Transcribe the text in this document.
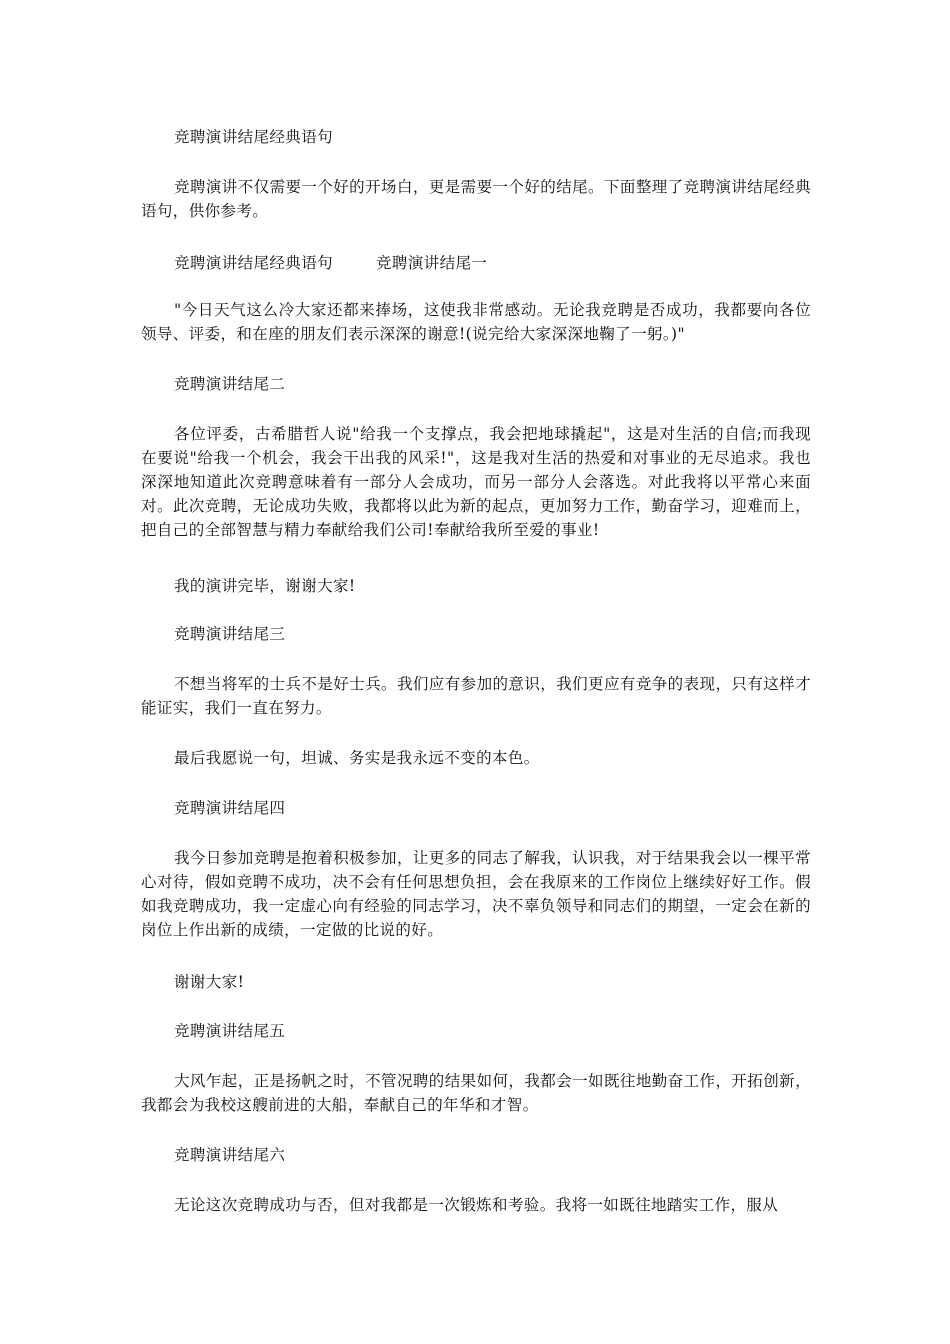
竞聘演讲结尾经典语句
竞聘演讲不仅需要一个好的开场白，更是需要一个好的结尾。下面整理了竞聘演讲结尾经典语句，供你参考。
竞聘演讲结尾经典语句	竞聘演讲结尾一
"今日天气这么冷大家还都来捧场，这使我非常感动。无论我竞聘是否成功，我都要向各位领导、评委，和在座的朋友们表示深深的谢意!(说完给大家深深地鞠了一躬。)"
竞聘演讲结尾二
各位评委，古希腊哲人说"给我一个支撑点，我会把地球撬起"，这是对生活的自信;而我现在要说"给我一个机会，我会干出我的风采!"，这是我对生活的热爱和对事业的无尽追求。我也深深地知道此次竞聘意味着有一部分人会成功，而另一部分人会落选。对此我将以平常心来面对。此次竞聘，无论成功失败，我都将以此为新的起点，更加努力工作，勤奋学习，迎难而上，把自己的全部智慧与精力奉献给我们公司!奉献给我所至爱的事业!
我的演讲完毕，谢谢大家!
竞聘演讲结尾三
不想当将军的士兵不是好士兵。我们应有参加的意识，我们更应有竞争的表现，只有这样才能证实，我们一直在努力。
最后我愿说一句，坦诚、务实是我永远不变的本色。
竞聘演讲结尾四
我今日参加竞聘是抱着积极参加，让更多的同志了解我，认识我，对于结果我会以一棵平常心对待，假如竞聘不成功，决不会有任何思想负担，会在我原来的工作岗位上继续好好工作。假如我竞聘成功，我一定虚心向有经验的同志学习，决不辜负领导和同志们的期望，一定会在新的岗位上作出新的成绩，一定做的比说的好。
谢谢大家!
竞聘演讲结尾五
大风乍起，正是扬帆之时，不管况聘的结果如何，我都会一如既往地勤奋工作，开拓创新，我都会为我校这艘前进的大船，奉献自己的年华和才智。
竞聘演讲结尾六
无论这次竞聘成功与否，但对我都是一次锻炼和考验。我将一如既往地踏实工作，服从
